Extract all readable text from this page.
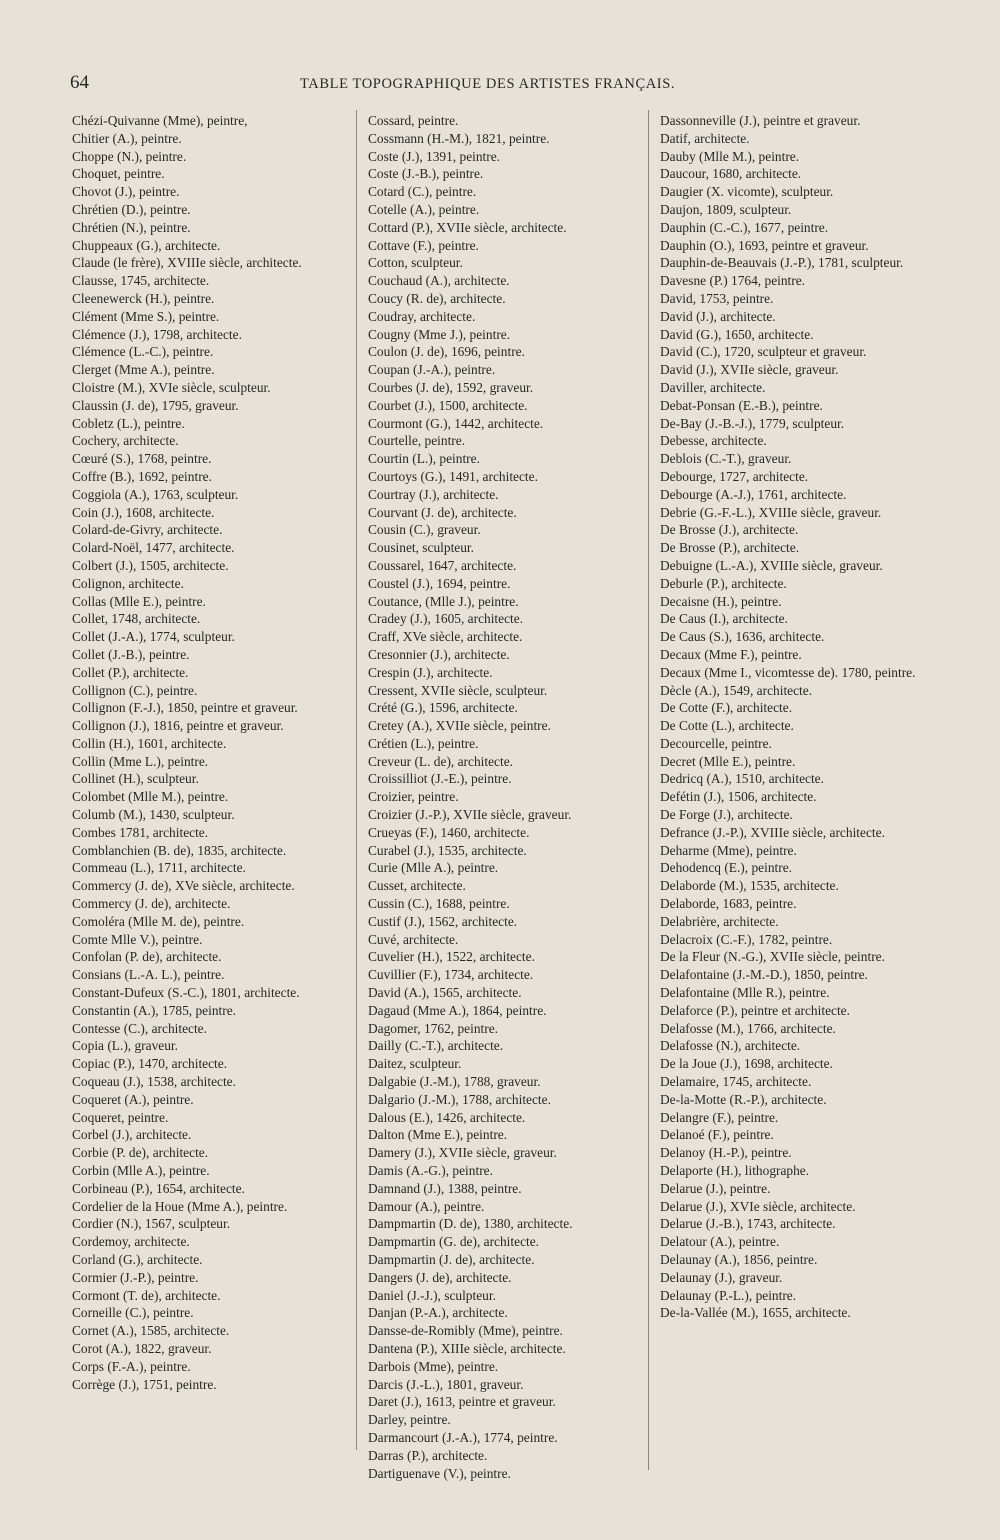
64	TABLE TOPOGRAPHIQUE DES ARTISTES FRANÇAIS.
Chézi-Quivanne (Mme), peintre,
Chitier (A.), peintre.
Choppe (N.), peintre.
Choquet, peintre.
Chovot (J.), peintre.
Chrétien (D.), peintre.
Chrétien (N.), peintre.
Chuppeaux (G.), architecte.
Claude (le frère), XVIIIe siècle, architecte.
Clausse, 1745, architecte.
Cleenewerck (H.), peintre.
Clément (Mme S.), peintre.
Clémence (J.), 1798, architecte.
Clémence (L.-C.), peintre.
Clerget (Mme A.), peintre.
Cloistre (M.), XVIe siècle, sculpteur.
Claussin (J. de), 1795, graveur.
Cobletz (L.), peintre.
Cochery, architecte.
Cœuré (S.), 1768, peintre.
Coffre (B.), 1692, peintre.
Coggiola (A.), 1763, sculpteur.
Coin (J.), 1608, architecte.
Colard-de-Givry, architecte.
Colard-Noël, 1477, architecte.
Colbert (J.), 1505, architecte.
Colignon, architecte.
Collas (Mlle E.), peintre.
Collet, 1748, architecte.
Collet (J.-A.), 1774, sculpteur.
Collet (J.-B.), peintre.
Collet (P.), architecte.
Collignon (C.), peintre.
Collignon (F.-J.), 1850, peintre et graveur.
Collignon (J.), 1816, peintre et graveur.
Collin (H.), 1601, architecte.
Collin (Mme L.), peintre.
Collinet (H.), sculpteur.
Colombet (Mlle M.), peintre.
Columb (M.), 1430, sculpteur.
Combes 1781, architecte.
Comblanchien (B. de), 1835, architecte.
Commeau (L.), 1711, architecte.
Commercy (J. de), XVe siècle, architecte.
Commercy (J. de), architecte.
Comoléra (Mlle M. de), peintre.
Comte Mlle V.), peintre.
Confolan (P. de), architecte.
Consians (L.-A. L.), peintre.
Constant-Dufeux (S.-C.), 1801, architecte.
Constantin (A.), 1785, peintre.
Contesse (C.), architecte.
Copia (L.), graveur.
Copiac (P.), 1470, architecte.
Coqueau (J.), 1538, architecte.
Coqueret (A.), peintre.
Coqueret, peintre.
Corbel (J.), architecte.
Corbie (P. de), architecte.
Corbin (Mlle A.), peintre.
Corbineau (P.), 1654, architecte.
Cordelier de la Houe (Mme A.), peintre.
Cordier (N.), 1567, sculpteur.
Cordemoy, architecte.
Corland (G.), architecte.
Cormier (J.-P.), peintre.
Cormont (T. de), architecte.
Corneille (C.), peintre.
Cornet (A.), 1585, architecte.
Corot (A.), 1822, graveur.
Corps (F.-A.), peintre.
Corrège (J.), 1751, peintre.
Cossard, peintre.
Cossmann (H.-M.), 1821, peintre.
Coste (J.), 1391, peintre.
Coste (J.-B.), peintre.
Cotard (C.), peintre.
Cotelle (A.), peintre.
Cottard (P.), XVIIe siècle, architecte.
Cottave (F.), peintre.
Cotton, sculpteur.
Couchaud (A.), architecte.
Coucy (R. de), architecte.
Coudray, architecte.
Cougny (Mme J.), peintre.
Coulon (J. de), 1696, peintre.
Coupan (J.-A.), peintre.
Courbes (J. de), 1592, graveur.
Courbet (J.), 1500, architecte.
Courmont (G.), 1442, architecte.
Courtelle, peintre.
Courtin (L.), peintre.
Courtoys (G.), 1491, architecte.
Courtray (J.), architecte.
Courvant (J. de), architecte.
Cousin (C.), graveur.
Cousinet, sculpteur.
Coussarel, 1647, architecte.
Coustel (J.), 1694, peintre.
Coutance, (Mlle J.), peintre.
Cradey (J.), 1605, architecte.
Craff, XVe siècle, architecte.
Cresonnier (J.), architecte.
Crespin (J.), architecte.
Cressent, XVIIe siècle, sculpteur.
Crété (G.), 1596, architecte.
Cretey (A.), XVIIe siècle, peintre.
Crétien (L.), peintre.
Creveur (L. de), architecte.
Croissilliot (J.-E.), peintre.
Croizier, peintre.
Croizier (J.-P.), XVIIe siècle, graveur.
Crueyas (F.), 1460, architecte.
Curabel (J.), 1535, architecte.
Curie (Mlle A.), peintre.
Cusset, architecte.
Cussin (C.), 1688, peintre.
Custif (J.), 1562, architecte.
Cuvé, architecte.
Cuvelier (H.), 1522, architecte.
Cuvillier (F.), 1734, architecte.
David (A.), 1565, architecte.
Dagaud (Mme A.), 1864, peintre.
Dagomer, 1762, peintre.
Dailly (C.-T.), architecte.
Daitez, sculpteur.
Dalgabie (J.-M.), 1788, graveur.
Dalgario (J.-M.), 1788, architecte.
Dalous (E.), 1426, architecte.
Dalton (Mme E.), peintre.
Damery (J.), XVIIe siècle, graveur.
Damis (A.-G.), peintre.
Damnand (J.), 1388, peintre.
Damour (A.), peintre.
Dampmartin (D. de), 1380, architecte.
Dampmartin (G. de), architecte.
Dampmartin (J. de), architecte.
Dangers (J. de), architecte.
Daniel (J.-J.), sculpteur.
Danjan (P.-A.), architecte.
Dansse-de-Romibly (Mme), peintre.
Dantena (P.), XIIIe siècle, architecte.
Darbois (Mme), peintre.
Darcis (J.-L.), 1801, graveur.
Daret (J.), 1613, peintre et graveur.
Darley, peintre.
Darmancourt (J.-A.), 1774, peintre.
Darras (P.), architecte.
Dartiguenave (V.), peintre.
Dassonneville (J.), peintre et graveur.
Datif, architecte.
Dauby (Mlle M.), peintre.
Daucour, 1680, architecte.
Daugier (X. vicomte), sculpteur.
Daujon, 1809, sculpteur.
Dauphin (C.-C.), 1677, peintre.
Dauphin (O.), 1693, peintre et graveur.
Dauphin-de-Beauvais (J.-P.), 1781, sculpteur.
Davesne (P.) 1764, peintre.
David, 1753, peintre.
David (J.), architecte.
David (G.), 1650, architecte.
David (C.), 1720, sculpteur et graveur.
David (J.), XVIIe siècle, graveur.
Daviller, architecte.
Debat-Ponsan (E.-B.), peintre.
De-Bay (J.-B.-J.), 1779, sculpteur.
Debesse, architecte.
Deblois (C.-T.), graveur.
Debourge, 1727, architecte.
Debourge (A.-J.), 1761, architecte.
Debrie (G.-F.-L.), XVIIIe siècle, graveur.
De Brosse (J.), architecte.
De Brosse (P.), architecte.
Debuigne (L.-A.), XVIIIe siècle, graveur.
Deburle (P.), architecte.
Decaisne (H.), peintre.
De Caus (I.), architecte.
De Caus (S.), 1636, architecte.
Decaux (Mme F.), peintre.
Decaux (Mme I., vicomtesse de). 1780, peintre.
Dècle (A.), 1549, architecte.
De Cotte (F.), architecte.
De Cotte (L.), architecte.
Decourcelle, peintre.
Decret (Mlle E.), peintre.
Dedricq (A.), 1510, architecte.
Defétin (J.), 1506, architecte.
De Forge (J.), architecte.
Defrance (J.-P.), XVIIIe siècle, architecte.
Deharme (Mme), peintre.
Dehodencq (E.), peintre.
Delaborde (M.), 1535, architecte.
Delaborde, 1683, peintre.
Delabrière, architecte.
Delacroix (C.-F.), 1782, peintre.
De la Fleur (N.-G.), XVIIe siècle, peintre.
Delafontaine (J.-M.-D.), 1850, peintre.
Delafontaine (Mlle R.), peintre.
Delaforce (P.), peintre et architecte.
Delafosse (M.), 1766, architecte.
Delafosse (N.), architecte.
De la Joue (J.), 1698, architecte.
Delamaire, 1745, architecte.
De-la-Motte (R.-P.), architecte.
Delangre (F.), peintre.
Delanoé (F.), peintre.
Delanoy (H.-P.), peintre.
Delaporte (H.), lithographe.
Delarue (J.), peintre.
Delarue (J.), XVIe siècle, architecte.
Delarue (J.-B.), 1743, architecte.
Delatour (A.), peintre.
Delaunay (A.), 1856, peintre.
Delaunay (J.), graveur.
Delaunay (P.-L.), peintre.
De-la-Vallée (M.), 1655, architecte.
